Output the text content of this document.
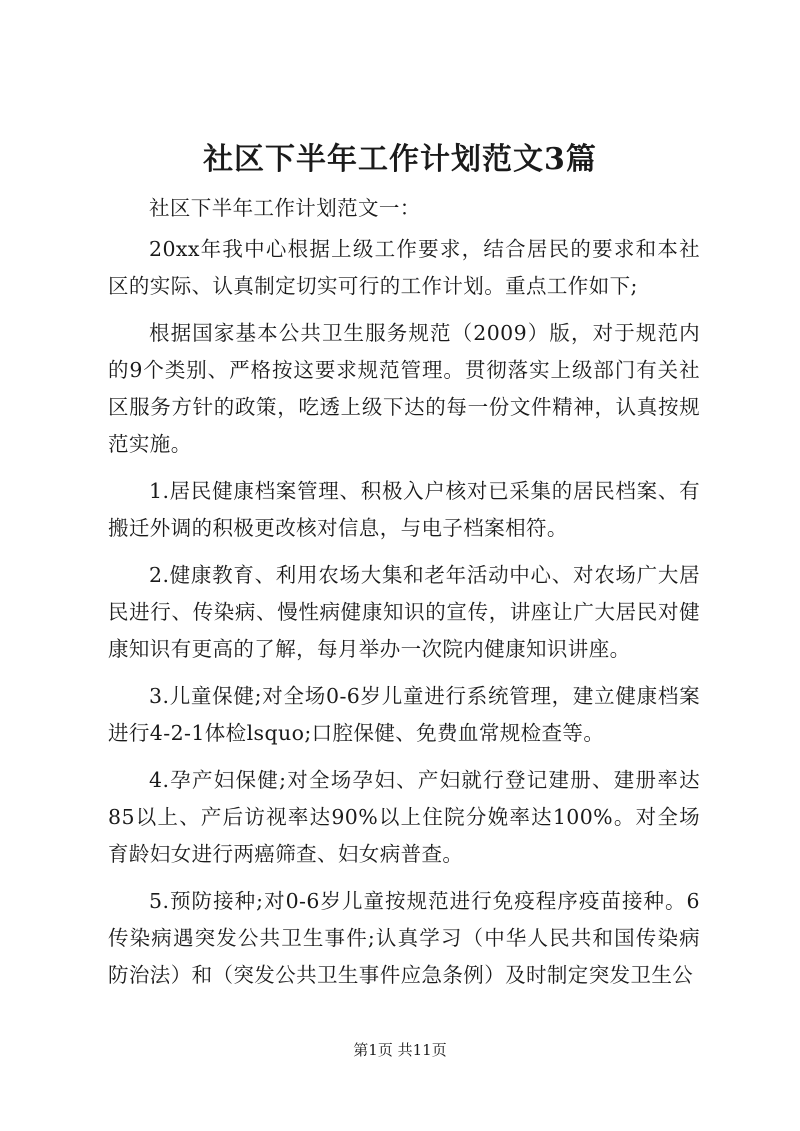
社区下半年工作计划范文3篇

社区下半年工作计划范文一：

20xx年我中心根据上级工作要求，结合居民的要求和本社区的实际、认真制定切实可行的工作计划。重点工作如下;

根据国家基本公共卫生服务规范（2009）版，对于规范内的9个类别、严格按这要求规范管理。贯彻落实上级部门有关社区服务方针的政策，吃透上级下达的每一份文件精神，认真按规范实施。

1.居民健康档案管理、积极入户核对已采集的居民档案、有搬迁外调的积极更改核对信息，与电子档案相符。

2.健康教育、利用农场大集和老年活动中心、对农场广大居民进行、传染病、慢性病健康知识的宣传，讲座让广大居民对健康知识有更高的了解，每月举办一次院内健康知识讲座。

3.儿童保健;对全场0-6岁儿童进行系统管理，建立健康档案进行4-2-1体检lsquo;口腔保健、免费血常规检查等。

4.孕产妇保健;对全场孕妇、产妇就行登记建册、建册率达85以上、产后访视率达90%以上住院分娩率达100%。对全场育龄妇女进行两癌筛查、妇女病普查。

5.预防接种;对0-6岁儿童按规范进行免疫程序疫苗接种。6传染病遇突发公共卫生事件;认真学习（中华人民共和国传染病防治法）和（突发公共卫生事件应急条例）及时制定突发卫生公

第1页 共11页
